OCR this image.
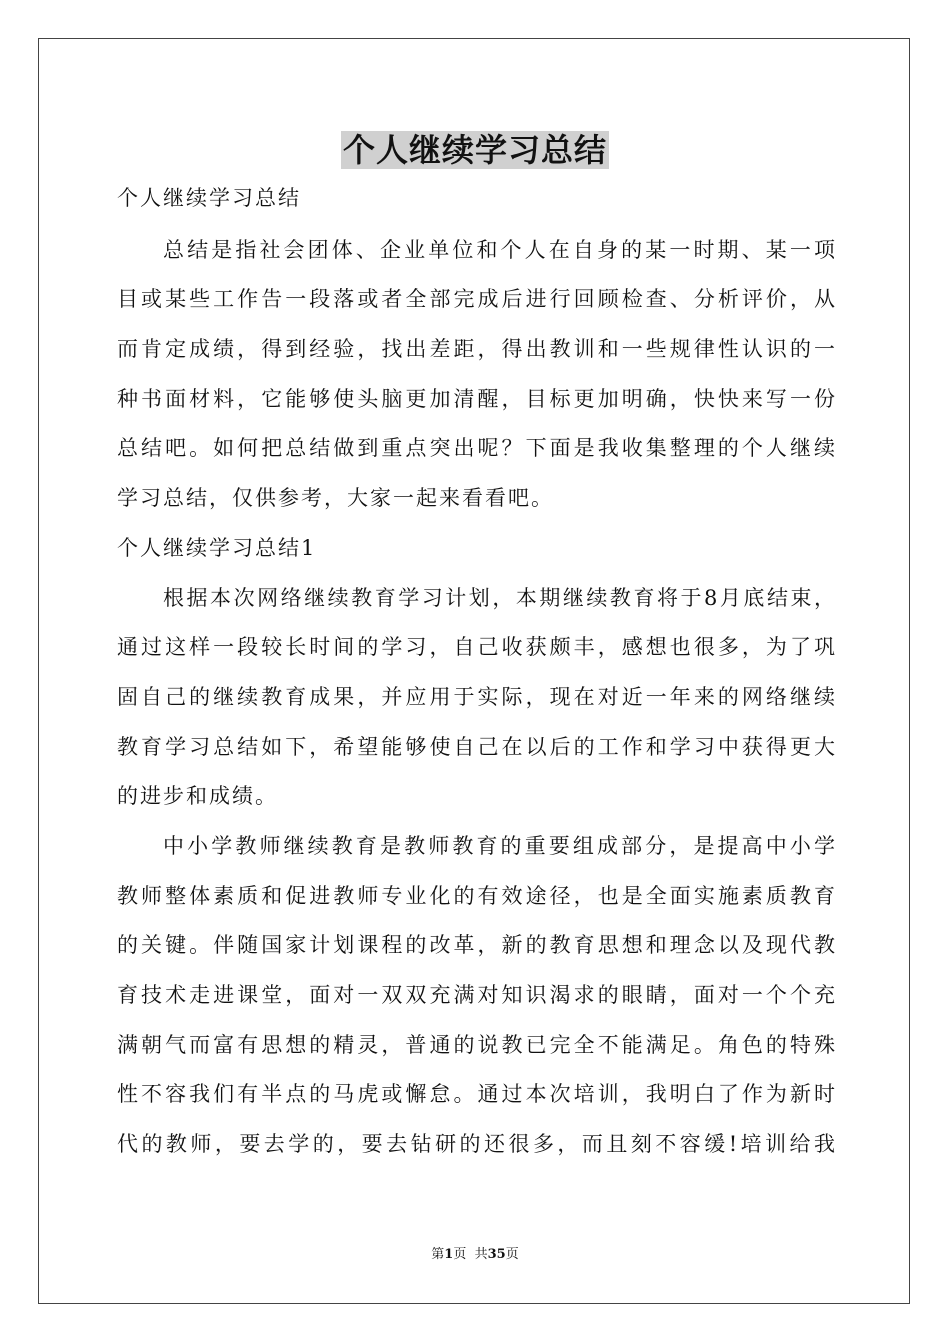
个人继续学习总结

个人继续学习总结

总结是指社会团体、企业单位和个人在自身的某一时期、某一项

目或某些工作告一段落或者全部完成后进行回顾检查、分析评价，从

而肯定成绩，得到经验，找出差距，得出教训和一些规律性认识的一

种书面材料，它能够使头脑更加清醒，目标更加明确，快快来写一份

总结吧。如何把总结做到重点突出呢？下面是我收集整理的个人继续

学习总结，仅供参考，大家一起来看看吧。

个人继续学习总结1

根据本次网络继续教育学习计划，本期继续教育将于8月底结束，

通过这样一段较长时间的学习，自己收获颇丰，感想也很多，为了巩

固自己的继续教育成果，并应用于实际，现在对近一年来的网络继续

教育学习总结如下，希望能够使自己在以后的工作和学习中获得更大

的进步和成绩。

中小学教师继续教育是教师教育的重要组成部分，是提高中小学

教师整体素质和促进教师专业化的有效途径，也是全面实施素质教育

的关键。伴随国家计划课程的改革，新的教育思想和理念以及现代教

育技术走进课堂，面对一双双充满对知识渴求的眼睛，面对一个个充

满朝气而富有思想的精灵，普通的说教已完全不能满足。角色的特殊

性不容我们有半点的马虎或懈怠。通过本次培训，我明白了作为新时

代的教师，要去学的，要去钻研的还很多，而且刻不容缓!培训给我

第1页  共35页
